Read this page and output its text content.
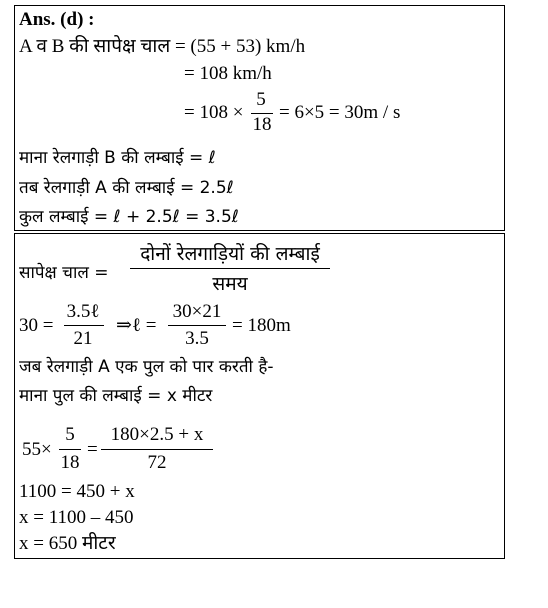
Ans. (d) :
A व B की सापेक्ष चाल = (55 + 53) km/h
= 108 km/h
= 108 ×
5
18
= 6×5 = 30m / s
माना रेलगाड़ी B की लम्बाई = ℓ
तब रेलगाड़ी A की लम्बाई = 2.5ℓ
कुल लम्बाई = ℓ + 2.5ℓ = 3.5ℓ
सापेक्ष चाल =
दोनों रेलगाड़ियों की लम्बाई
समय
30 =
3.5ℓ
21
⇒ℓ =
30×21
3.5
= 180m
जब रेलगाड़ी A एक पुल को पार करती है-
माना पुल की लम्बाई = x मीटर
55×
5
18
=
180×2.5 + x
72
1100 = 450 + x
x = 1100 – 450
x = 650 मीटर
